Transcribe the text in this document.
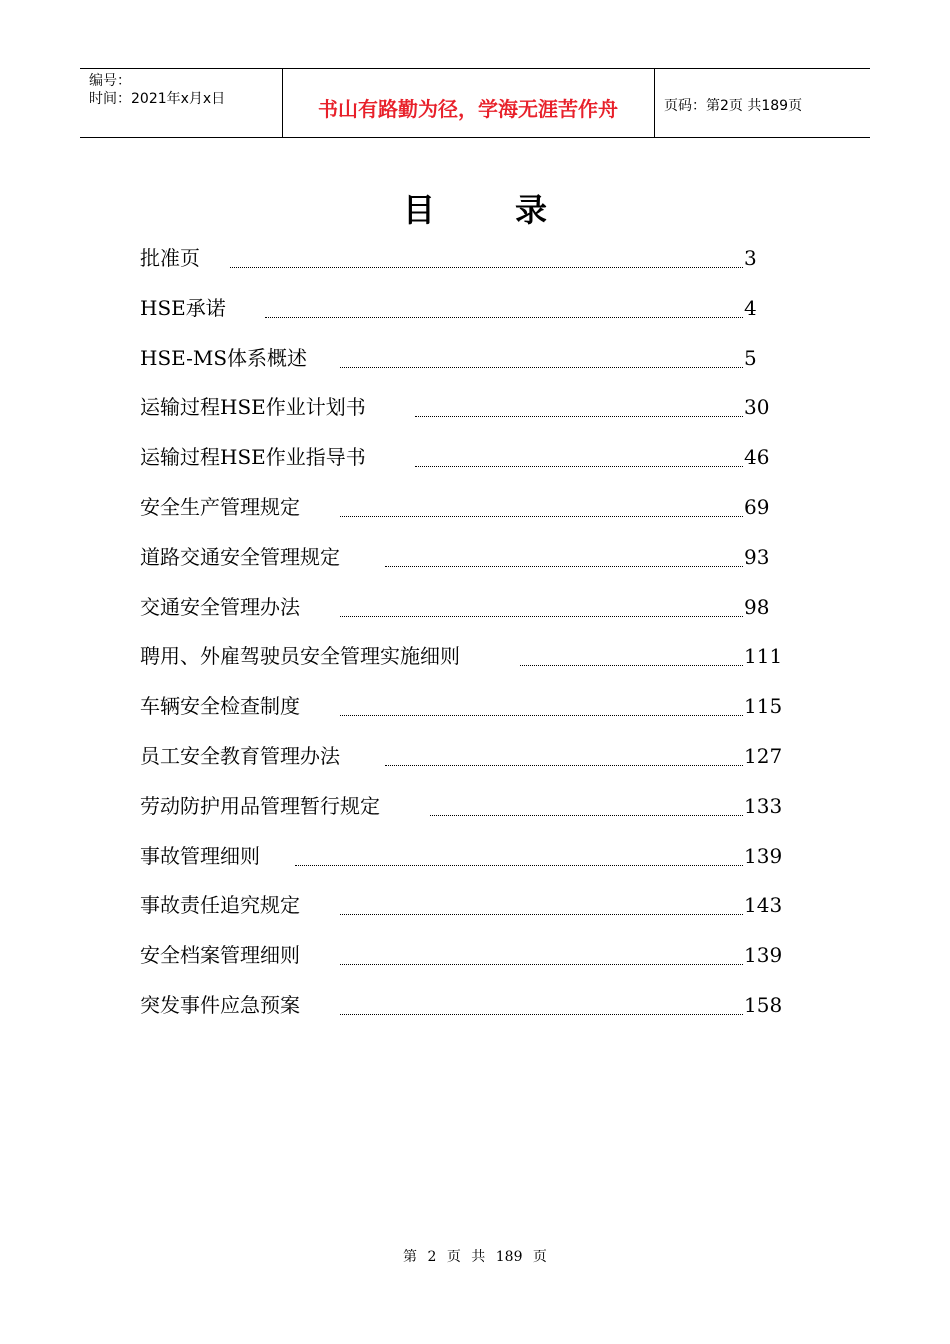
编号：
时间：2021年x月x日	书山有路勤为径，学海无涯苦作舟	页码：第2页 共189页
目录
批准页	3
HSE承诺	4
HSE-MS体系概述	5
运输过程HSE作业计划书	30
运输过程HSE作业指导书	46
安全生产管理规定	69
道路交通安全管理规定	93
交通安全管理办法	98
聘用、外雇驾驶员安全管理实施细则	111
车辆安全检查制度	115
员工安全教育管理办法	127
劳动防护用品管理暂行规定	133
事故管理细则	139
事故责任追究规定	143
安全档案管理细则	139
突发事件应急预案	158
第 2 页 共 189 页
